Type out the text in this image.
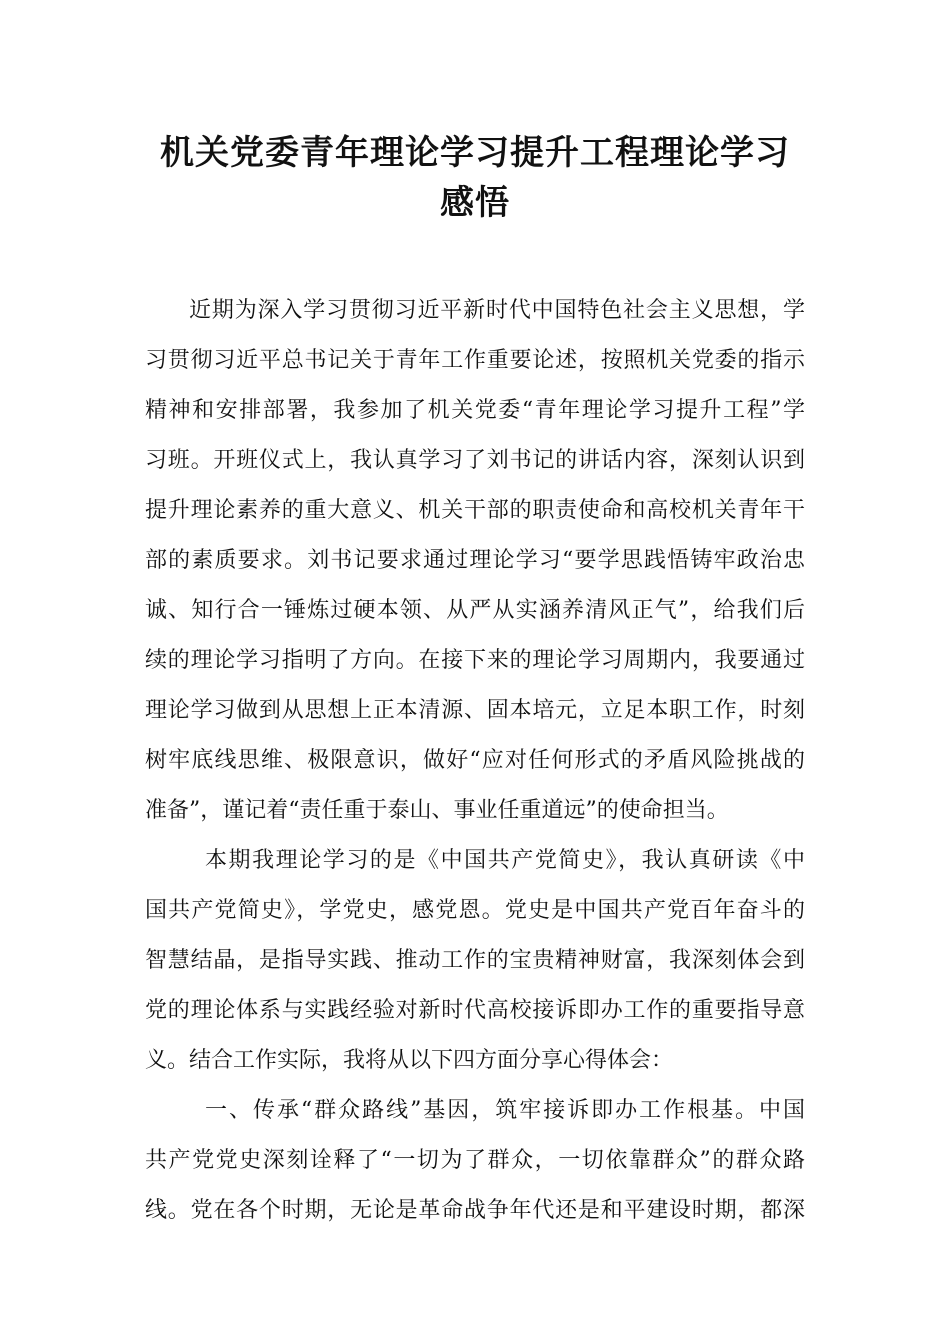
机关党委青年理论学习提升工程理论学习
感悟
近期为深入学习贯彻习近平新时代中国特色社会主义思想，学
习贯彻习近平总书记关于青年工作重要论述，按照机关党委的指示
精神和安排部署，我参加了机关党委“青年理论学习提升工程”学
习班。开班仪式上，我认真学习了刘书记的讲话内容，深刻认识到
提升理论素养的重大意义、机关干部的职责使命和高校机关青年干
部的素质要求。刘书记要求通过理论学习“要学思践悟铸牢政治忠
诚、知行合一锤炼过硬本领、从严从实涵养清风正气”，给我们后
续的理论学习指明了方向。在接下来的理论学习周期内，我要通过
理论学习做到从思想上正本清源、固本培元，立足本职工作，时刻
树牢底线思维、极限意识，做好“应对任何形式的矛盾风险挑战的
准备”，谨记着“责任重于泰山、事业任重道远”的使命担当。
本期我理论学习的是《中国共产党简史》，我认真研读《中
国共产党简史》，学党史，感党恩。党史是中国共产党百年奋斗的
智慧结晶，是指导实践、推动工作的宝贵精神财富，我深刻体会到
党的理论体系与实践经验对新时代高校接诉即办工作的重要指导意
义。结合工作实际，我将从以下四方面分享心得体会：
一、传承“群众路线”基因，筑牢接诉即办工作根基。中国
共产党党史深刻诠释了“一切为了群众，一切依靠群众”的群众路
线。党在各个时期，无论是革命战争年代还是和平建设时期，都深
